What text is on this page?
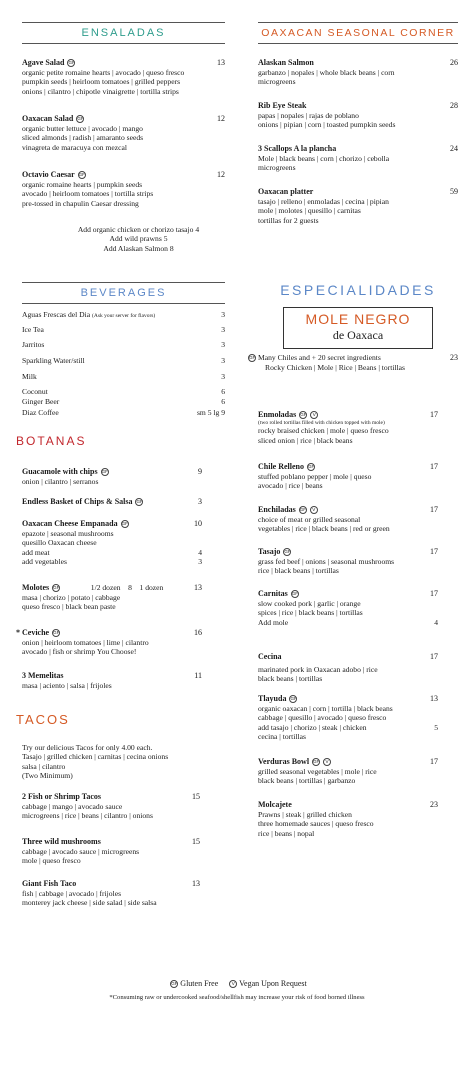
ENSALADAS
Agave Salad GF	13
organic petite romaine hearts | avocado | queso fresco
pumpkin seeds | heirloom tomatoes | grilled peppers
onions | cilantro | chipotle vinaigrette | tortilla strips
Oaxacan Salad GF	12
organic butter lettuce | avocado | mango
sliced almonds | radish | amaranto seeds
vinagreta de maracuya con mezcal
Octavio Caesar GF	12
organic romaine hearts | pumpkin seeds
avocado | heirloom tomatoes | tortilla strips
pre-tossed in chapulin Caesar dressing
Add organic chicken or chorizo tasajo 4
Add wild prawns 5
Add Alaskan Salmon 8
BEVERAGES
Aguas Frescas del Dia (Ask your server for flavors)	3
Ice Tea	3
Jarritos	3
Sparkling Water/still	3
Milk	3
Coconut	6
Ginger Beer	6
Diaz Coffee	sm 5 lg 9
BOTANAS
Guacamole with chips GF	9
onion | cilantro | serranos
Endless Basket of Chips & Salsa GF	3
Oaxacan Cheese Empanada GF	10
epazote | seasonal mushrooms
quesillo Oaxacan cheese
add meat	4
add vegetables	3
Molotes GF	1/2 dozen    8    1 dozen	13
masa | chorizo | potato | cabbage
queso fresco | black bean paste
* Ceviche GF	16
onion | heirloom tomatoes | lime | cilantro
avocado | fish or shrimp You Choose!
3 Memelitas	11
masa | aciento | salsa | frijoles
TACOS
Try our delicious Tacos for only 4.00 each.
Tasajo | grilled chicken | carnitas | cecina onions
salsa | cilantro
(Two Minimum)
2 Fish or Shrimp Tacos	15
cabbage | mango | avocado sauce
microgreens | rice | beans | cilantro | onions
Three wild mushrooms	15
cabbage | avocado sauce | microgreens
mole | queso fresco
Giant Fish Taco	13
fish | cabbage | avocado | frijoles
monterey jack cheese | side salad | side salsa
OAXACAN SEASONAL CORNER
Alaskan Salmon	26
garbanzo | nopales | whole black beans | corn
microgreens
Rib Eye Steak	28
papas | nopales | rajas de poblano
onions | pipian | corn | toasted pumpkin seeds
3 Scallops A la plancha	24
Mole | black beans | corn | chorizo | cebolla
microgreens
Oaxacan platter	59
tasajo | relleno | enmoladas | cecina | pipian
mole | molotes | quesillo | carnitas
tortillas for 2 guests
ESPECIALIDADES
MOLE NEGRO
de Oaxaca
GF Many Chiles and + 20 secret ingredients	23
Rocky Chicken | Mole | Rice | Beans | tortillas
Enmoladas GF V	17
(two rolled tortillas filled with chicken topped with mole)
rocky braised chicken | mole | queso fresco
sliced onion | rice | black beans
Chile Relleno GF	17
stuffed poblano pepper | mole | queso
avocado | rice | beans
Enchiladas GF V	17
choice of meat or grilled seasonal
vegetables | rice | black beans | red or green
Tasajo GF	17
grass fed beef | onions | seasonal mushrooms
rice | black beans | tortillas
Carnitas GF	17
slow cooked pork | garlic | orange
spices | rice | black beans | tortillas
Add mole	4
Cecina	17
marinated pork in Oaxacan adobo | rice
black beans | tortillas
Tlayuda GF	13
organic oaxacan | corn | tortilla | black beans
cabbage | quesillo | avocado | queso fresco
add tasajo | chorizo | steak | chicken	5
cecina | tortillas
Verduras Bowl GF V	17
grilled seasonal vegetables | mole | rice
black beans | tortillas | garbanzo
Molcajete	23
Prawns | steak | grilled chicken
three homemade sauces | queso fresco
rice | beans | nopal
GF Gluten Free	V Vegan Upon Request
*Consuming raw or undercooked seafood/shellfish may increase your risk of food borned illness
